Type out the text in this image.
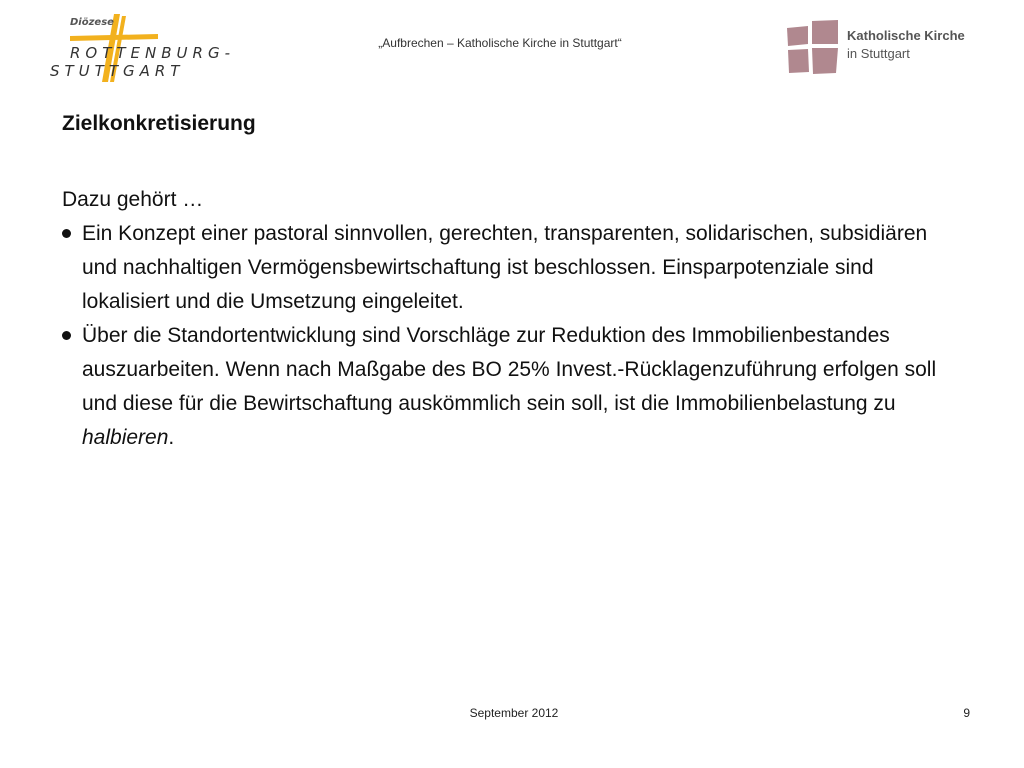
Diözese
ROTTENBURG-
STUTTGART
„Aufbrechen – Katholische Kirche in Stuttgart“	Katholische Kirche
in Stuttgart
Zielkonkretisierung

Dazu gehört …

Ein Konzept einer pastoral sinnvollen, gerechten, transparenten, solidarischen, subsidiären und nachhaltigen Vermögensbewirtschaftung ist beschlossen. Einsparpotenziale sind lokalisiert und die Umsetzung eingeleitet.
Über die Standortentwicklung sind Vorschläge zur Reduktion des Immobilienbestandes auszuarbeiten. Wenn nach Maßgabe des BO 25% Invest.-Rücklagenzuführung erfolgen soll und diese für die Bewirtschaftung auskömmlich sein soll, ist die Immobilienbelastung zu halbieren.
September 2012	9
